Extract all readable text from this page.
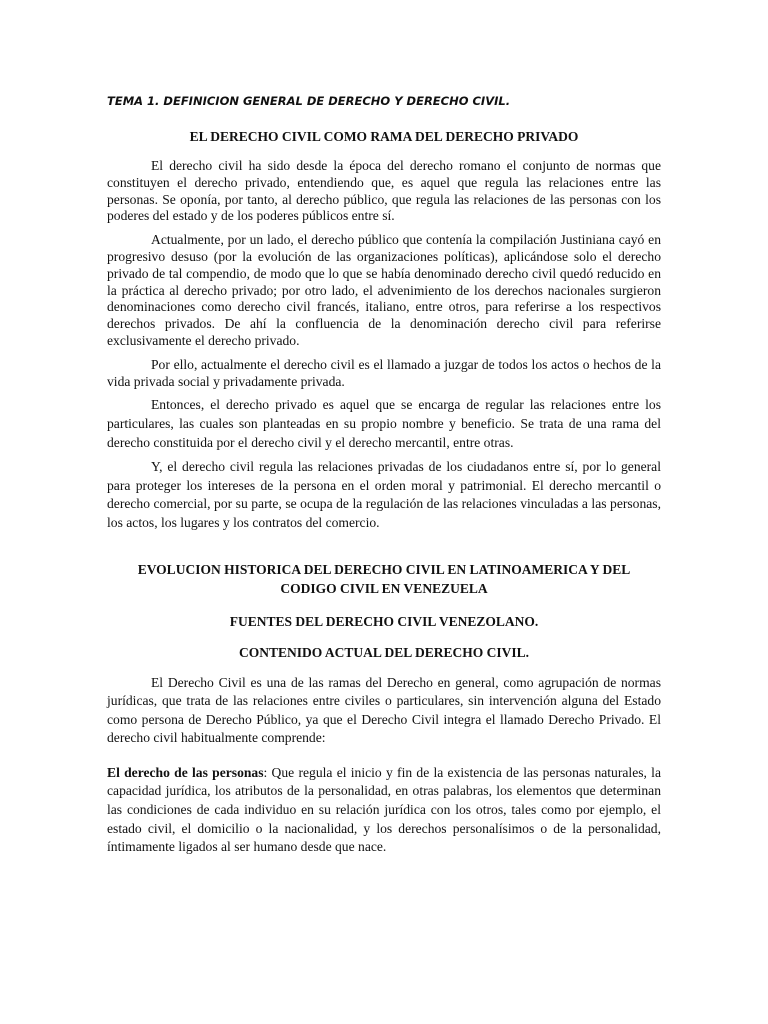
TEMA 1. DEFINICION GENERAL DE DERECHO Y DERECHO CIVIL.

EL DERECHO CIVIL COMO RAMA DEL DERECHO PRIVADO

El derecho civil ha sido desde la época del derecho romano el conjunto de normas que constituyen el derecho privado, entendiendo que, es aquel que regula las relaciones entre las personas. Se oponía, por tanto, al derecho público, que regula las relaciones de las personas con los poderes del estado y de los poderes públicos entre sí.

Actualmente, por un lado, el derecho público que contenía la compilación Justiniana cayó en progresivo desuso (por la evolución de las organizaciones políticas), aplicándose solo el derecho privado de tal compendio, de modo que lo que se había denominado derecho civil quedó reducido en la práctica al derecho privado; por otro lado, el advenimiento de los derechos nacionales surgieron denominaciones como derecho civil francés, italiano, entre otros, para referirse a los respectivos derechos privados. De ahí la confluencia de la denominación derecho civil para referirse exclusivamente el derecho privado.

Por ello, actualmente el derecho civil es el llamado a juzgar de todos los actos o hechos de la vida privada social y privadamente privada.

Entonces, el derecho privado es aquel que se encarga de regular las relaciones entre los particulares, las cuales son planteadas en su propio nombre y beneficio. Se trata de una rama del derecho constituida por el derecho civil y el derecho mercantil, entre otras.

Y, el derecho civil regula las relaciones privadas de los ciudadanos entre sí, por lo general para proteger los intereses de la persona en el orden moral y patrimonial. El derecho mercantil o derecho comercial, por su parte, se ocupa de la regulación de las relaciones vinculadas a las personas, los actos, los lugares y los contratos del comercio.

EVOLUCION HISTORICA DEL DERECHO CIVIL EN LATINOAMERICA Y DEL

CODIGO CIVIL EN VENEZUELA

FUENTES DEL DERECHO CIVIL VENEZOLANO.

CONTENIDO ACTUAL DEL DERECHO CIVIL.

El Derecho Civil es una de las ramas del Derecho en general, como agrupación de normas jurídicas, que trata de las relaciones entre civiles o particulares, sin intervención alguna del Estado como persona de Derecho Público, ya que el Derecho Civil integra el llamado Derecho Privado. El derecho civil habitualmente comprende:

El derecho de las personas: Que regula el inicio y fin de la existencia de las personas naturales, la capacidad jurídica, los atributos de la personalidad, en otras palabras, los elementos que determinan las condiciones de cada individuo en su relación jurídica con los otros, tales como por ejemplo, el estado civil, el domicilio o la nacionalidad, y los derechos personalísimos o de la personalidad, íntimamente ligados al ser humano desde que nace.
